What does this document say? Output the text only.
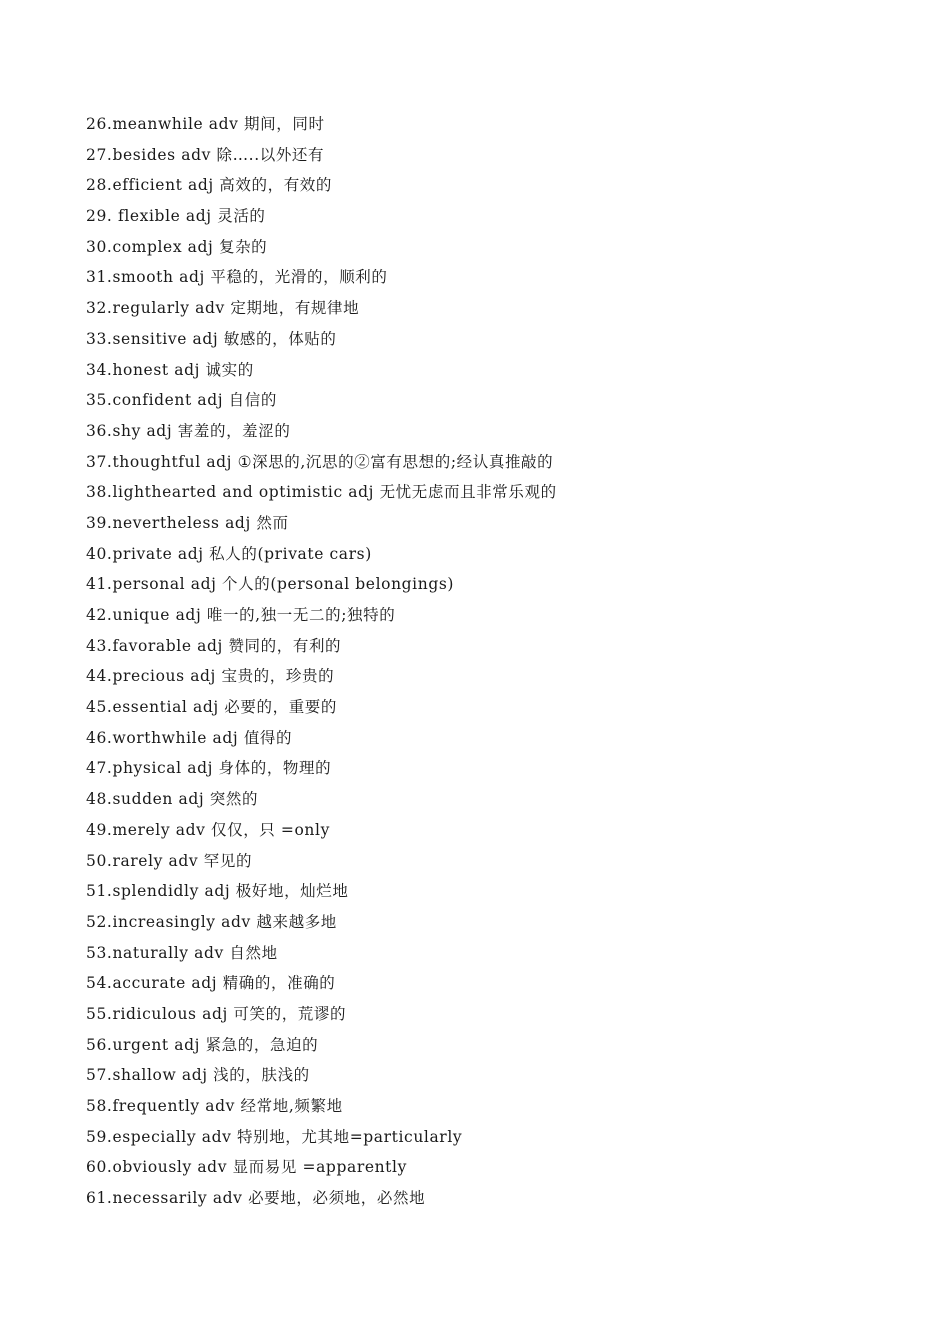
26.meanwhile adv 期间，同时
27.besides adv 除…..以外还有
28.efficient adj 高效的，有效的
29. flexible adj 灵活的
30.complex adj 复杂的
31.smooth adj 平稳的，光滑的，顺利的
32.regularly adv 定期地，有规律地
33.sensitive adj 敏感的，体贴的
34.honest adj 诚实的
35.confident adj 自信的
36.shy adj 害羞的，羞涩的
37.thoughtful adj ①深思的,沉思的②富有思想的;经认真推敲的
38.lighthearted and optimistic adj 无忧无虑而且非常乐观的
39.nevertheless adj 然而
40.private adj 私人的(private cars)
41.personal adj 个人的(personal belongings)
42.unique adj 唯一的,独一无二的;独特的
43.favorable adj 赞同的，有利的
44.precious adj 宝贵的，珍贵的
45.essential adj 必要的，重要的
46.worthwhile adj 值得的
47.physical adj 身体的，物理的
48.sudden adj 突然的
49.merely adv 仅仅，只 =only
50.rarely adv 罕见的
51.splendidly adj 极好地，灿烂地
52.increasingly adv 越来越多地
53.naturally adv 自然地
54.accurate adj 精确的，准确的
55.ridiculous adj 可笑的，荒谬的
56.urgent adj 紧急的，急迫的
57.shallow adj 浅的，肤浅的
58.frequently adv 经常地,频繁地
59.especially adv 特别地，尤其地=particularly
60.obviously adv 显而易见 =apparently
61.necessarily adv 必要地，必须地，必然地
